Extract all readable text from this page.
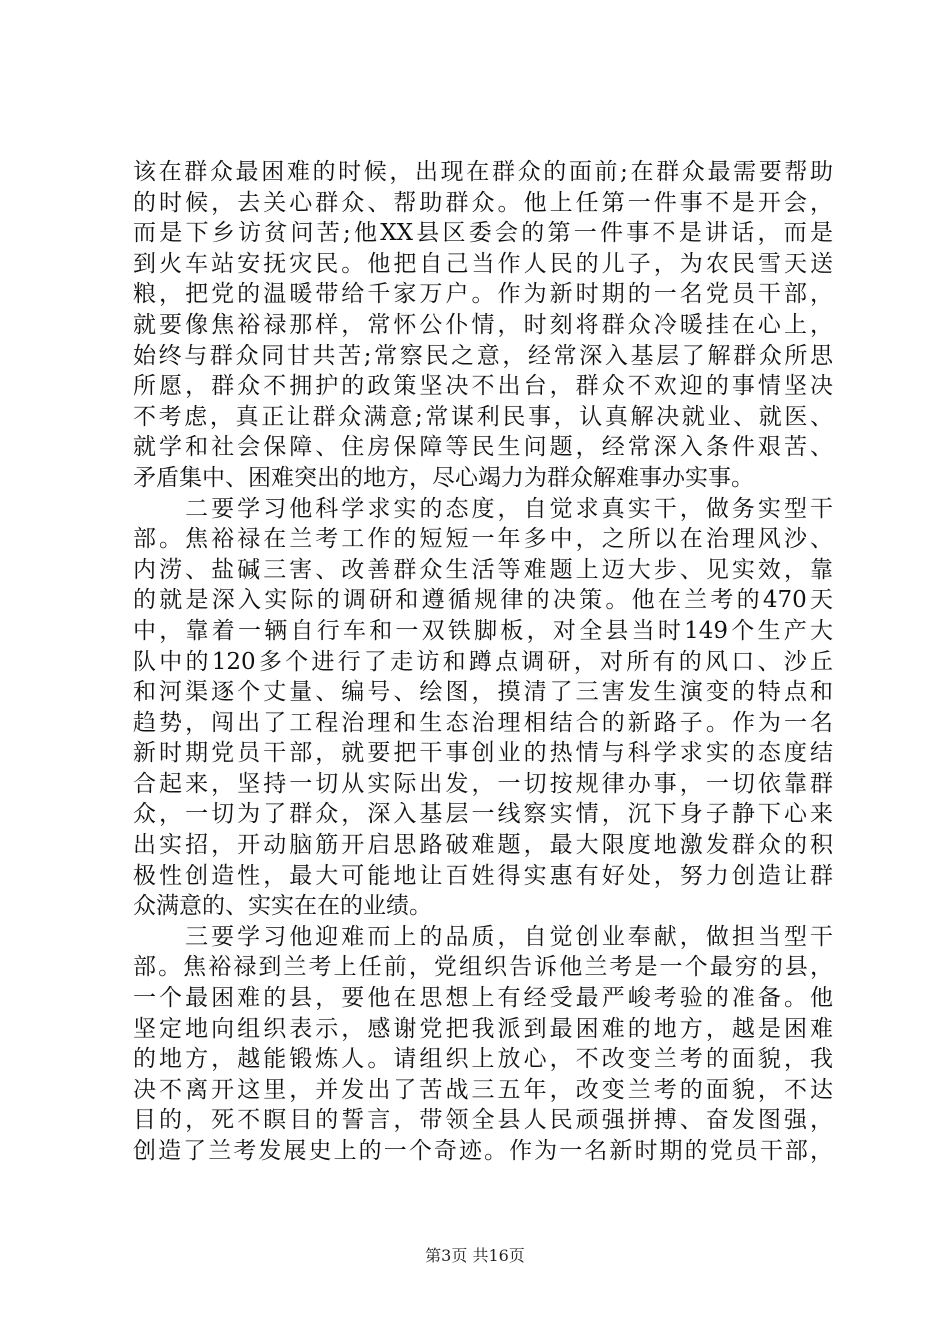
该在群众最困难的时候，出现在群众的面前;在群众最需要帮助
的时候，去关心群众、帮助群众。他上任第一件事不是开会，
而是下乡访贫问苦;他XX县区委会的第一件事不是讲话，而是
到火车站安抚灾民。他把自己当作人民的儿子，为农民雪天送
粮，把党的温暖带给千家万户。作为新时期的一名党员干部，
就要像焦裕禄那样，常怀公仆情，时刻将群众冷暖挂在心上，
始终与群众同甘共苦;常察民之意，经常深入基层了解群众所思
所愿，群众不拥护的政策坚决不出台，群众不欢迎的事情坚决
不考虑，真正让群众满意;常谋利民事，认真解决就业、就医、
就学和社会保障、住房保障等民生问题，经常深入条件艰苦、
矛盾集中、困难突出的地方，尽心竭力为群众解难事办实事。
　　二要学习他科学求实的态度，自觉求真实干，做务实型干
部。焦裕禄在兰考工作的短短一年多中，之所以在治理风沙、
内涝、盐碱三害、改善群众生活等难题上迈大步、见实效，靠
的就是深入实际的调研和遵循规律的决策。他在兰考的470天
中，靠着一辆自行车和一双铁脚板，对全县当时149个生产大
队中的120多个进行了走访和蹲点调研，对所有的风口、沙丘
和河渠逐个丈量、编号、绘图，摸清了三害发生演变的特点和
趋势，闯出了工程治理和生态治理相结合的新路子。作为一名
新时期党员干部，就要把干事创业的热情与科学求实的态度结
合起来，坚持一切从实际出发，一切按规律办事，一切依靠群
众，一切为了群众，深入基层一线察实情，沉下身子静下心来
出实招，开动脑筋开启思路破难题，最大限度地激发群众的积
极性创造性，最大可能地让百姓得实惠有好处，努力创造让群
众满意的、实实在在的业绩。
　　三要学习他迎难而上的品质，自觉创业奉献，做担当型干
部。焦裕禄到兰考上任前，党组织告诉他兰考是一个最穷的县，
一个最困难的县，要他在思想上有经受最严峻考验的准备。他
坚定地向组织表示，感谢党把我派到最困难的地方，越是困难
的地方，越能锻炼人。请组织上放心，不改变兰考的面貌，我
决不离开这里，并发出了苦战三五年，改变兰考的面貌，不达
目的，死不瞑目的誓言，带领全县人民顽强拼搏、奋发图强，
创造了兰考发展史上的一个奇迹。作为一名新时期的党员干部，
第3页 共16页
